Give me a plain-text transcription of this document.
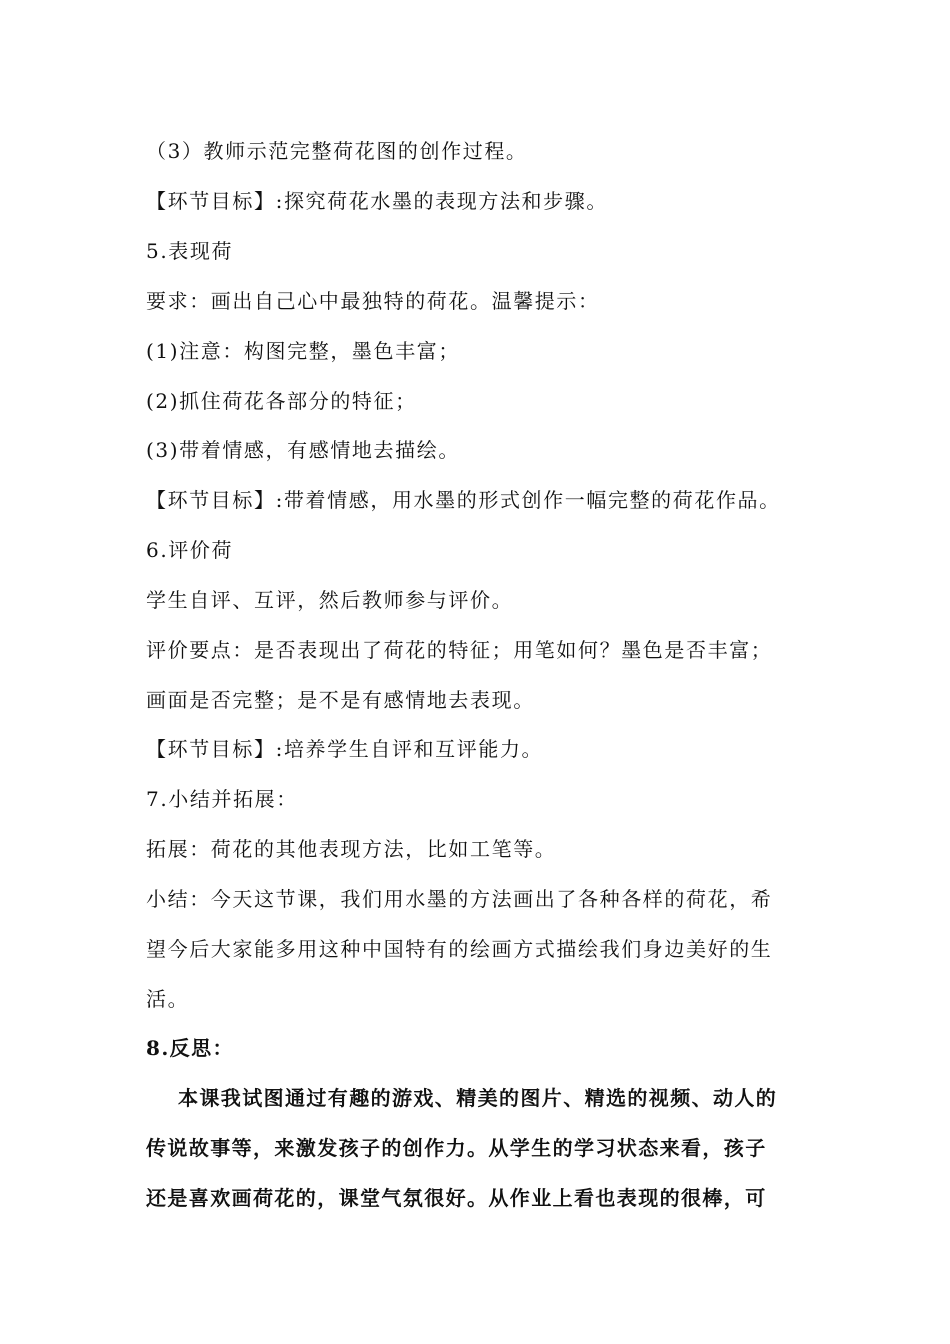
（3）教师示范完整荷花图的创作过程。
【环节目标】:探究荷花水墨的表现方法和步骤。
5.表现荷
要求：画出自己心中最独特的荷花。温馨提示：
(1)注意：构图完整，墨色丰富；
(2)抓住荷花各部分的特征；
(3)带着情感，有感情地去描绘。
【环节目标】:带着情感，用水墨的形式创作一幅完整的荷花作品。
6.评价荷
学生自评、互评，然后教师参与评价。
评价要点：是否表现出了荷花的特征；用笔如何？墨色是否丰富；
画面是否完整；是不是有感情地去表现。
【环节目标】:培养学生自评和互评能力。
7.小结并拓展：
拓展：荷花的其他表现方法，比如工笔等。
小结：今天这节课，我们用水墨的方法画出了各种各样的荷花，希
望今后大家能多用这种中国特有的绘画方式描绘我们身边美好的生
活。
8.反思：
本课我试图通过有趣的游戏、精美的图片、精选的视频、动人的
传说故事等，来激发孩子的创作力。从学生的学习状态来看，孩子
还是喜欢画荷花的，课堂气氛很好。从作业上看也表现的很棒，可
